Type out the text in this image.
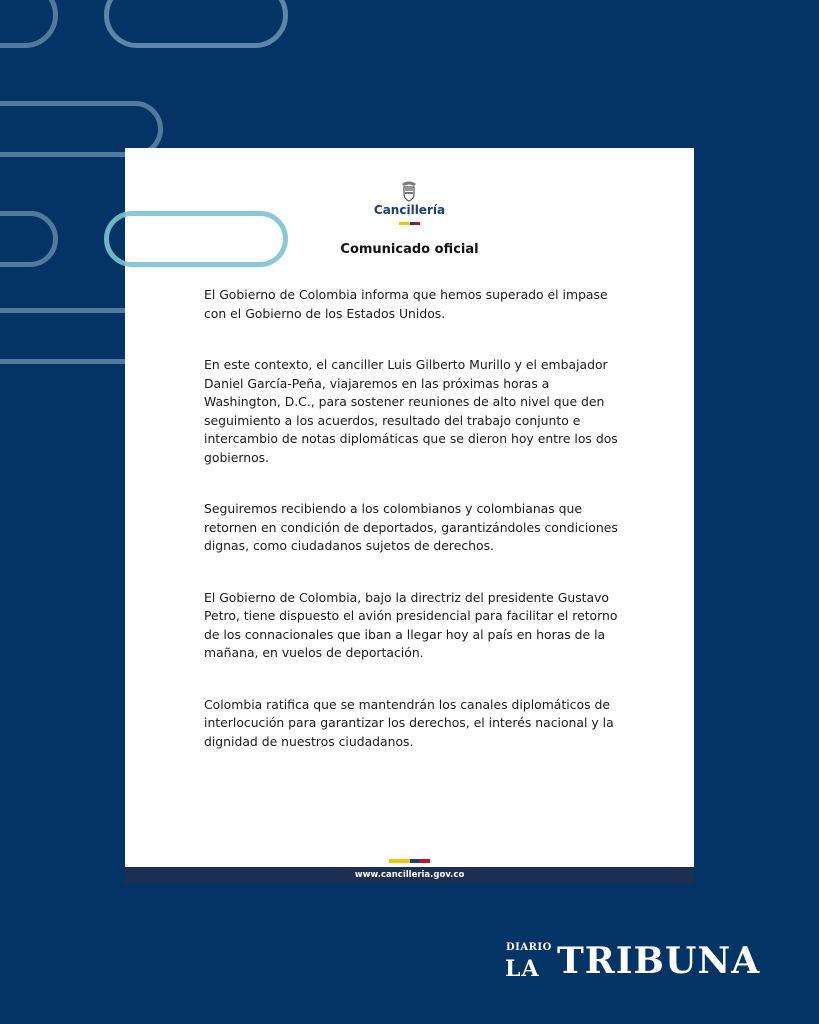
Cancillería
Comunicado oficial

El Gobierno de Colombia informa que hemos superado el impase con el Gobierno de los Estados Unidos.

En este contexto, el canciller Luis Gilberto Murillo y el embajador Daniel García-Peña, viajaremos en las próximas horas a Washington, D.C., para sostener reuniones de alto nivel que den seguimiento a los acuerdos, resultado del trabajo conjunto e intercambio de notas diplomáticas que se dieron hoy entre los dos gobiernos.

Seguiremos recibiendo a los colombianos y colombianas que retornen en condición de deportados, garantizándoles condiciones dignas, como ciudadanos sujetos de derechos.

El Gobierno de Colombia, bajo la directriz del presidente Gustavo Petro, tiene dispuesto el avión presidencial para facilitar el retorno de los connacionales que iban a llegar hoy al país en horas de la mañana, en vuelos de deportación.

Colombia ratifica que se mantendrán los canales diplomáticos de interlocución para garantizar los derechos, el interés nacional y la dignidad de nuestros ciudadanos.

www.cancilleria.gov.co
DIARIO
LA TRIBUNA
